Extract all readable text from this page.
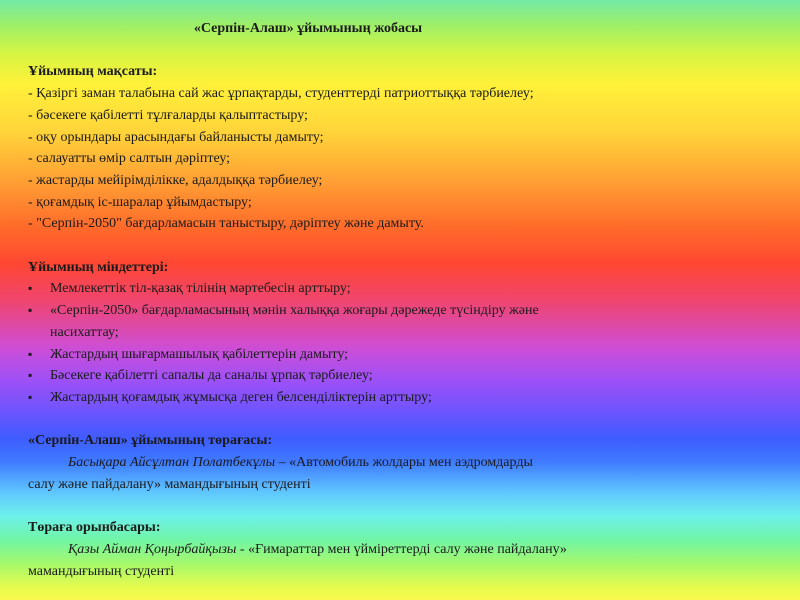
«Серпін-Алаш» ұйымының жобасы

Ұйымның мақсаты:

- Қазіргі заман талабына сай жас ұрпақтарды, студенттерді патриоттыққа тәрбиелеу;

- бәсекеге қабілетті тұлғаларды қалыптастыру;

- оқу орындары арасындағы байланысты дамыту;

- салауатты өмір салтын дәріптеу;

- жастарды мейірімділікке, адалдыққа тәрбиелеу;

- қоғамдық іс-шаралар ұйымдастыру;

- "Серпін-2050" бағдарламасын таныстыру, дәріптеу және дамыту.

Ұйымның міндеттері:

▪ Мемлекеттік тіл-қазақ тілінің мәртебесін арттыру;
▪ «Серпін-2050» бағдарламасының мәнін халыққа жоғары дәрежеде түсіндіру және
насихаттау;
▪ Жастардың шығармашылық қабілеттерін дамыту;
▪ Бәсекеге қабілетті сапалы да саналы ұрпақ тәрбиелеу;
▪ Жастардың қоғамдық жұмысқа деген белсенділіктерін арттыру;

«Серпін-Алаш» ұйымының төрағасы:

Басықара Айсұлтан Полатбекұлы – «Автомобиль жолдары мен аэдромдарды

салу және пайдалану» мамандығының студенті

Төраға орынбасары:

Қазы Айман Қоңырбайқызы - «Ғимараттар мен үйміреттерді салу және пайдалану»

мамандығының студенті
